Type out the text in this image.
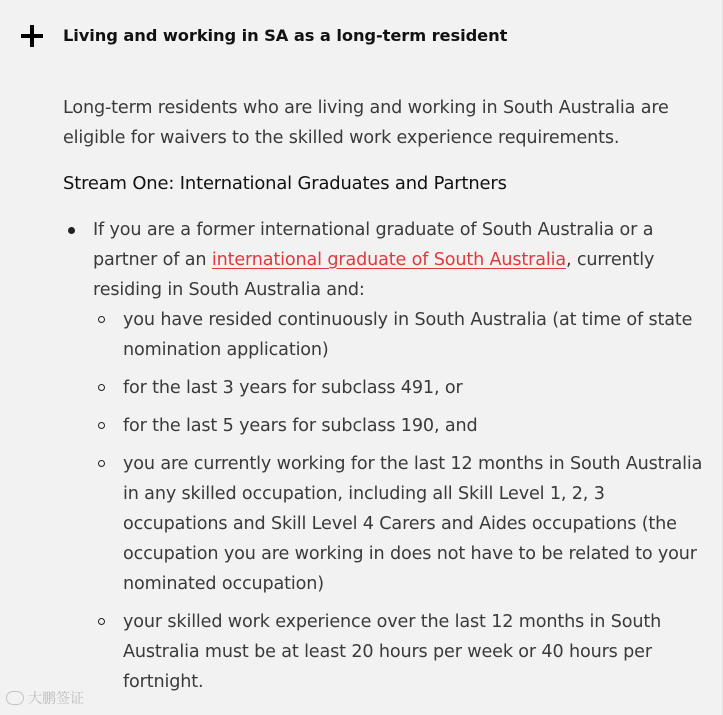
Living and working in SA as a long-term resident

Long-term residents who are living and working in South Australia are eligible for waivers to the skilled work experience requirements.

Stream One: International Graduates and Partners

If you are a former international graduate of South Australia or a partner of an international graduate of South Australia, currently residing in South Australia and:
you have resided continuously in South Australia (at time of state nomination application)
for the last 3 years for subclass 491, or
for the last 5 years for subclass 190, and
you are currently working for the last 12 months in South Australia in any skilled occupation, including all Skill Level 1, 2, 3 occupations and Skill Level 4 Carers and Aides occupations (the occupation you are working in does not have to be related to your nominated occupation)
your skilled work experience over the last 12 months in South Australia must be at least 20 hours per week or 40 hours per fortnight.
大鹏签证
